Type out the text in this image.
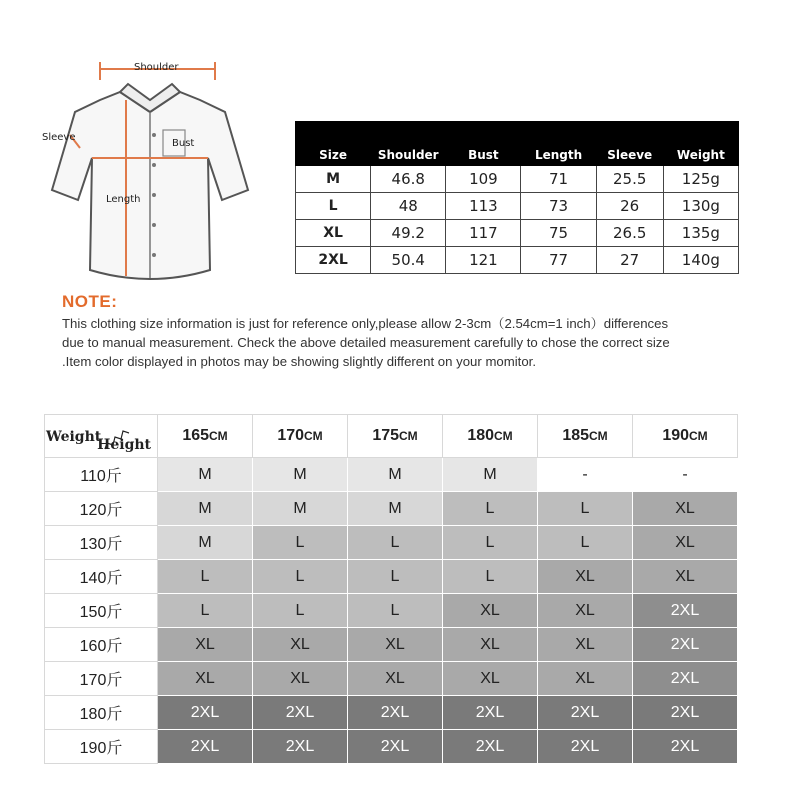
Shoulder
Sleeve
Bust
Length
Size	Shoulder	Bust	Length	Sleeve	Weight
M	46.8	109	71	25.5	125g
L	48	113	73	26	130g
XL	49.2	117	75	26.5	135g
2XL	50.4	121	77	27	140g
NOTE:
This clothing size information is just for reference only,please allow 2-3cm（2.54cm=1 inch）differences
due to manual measurement. Check the above detailed measurement carefully to chose the correct size
.Item color displayed in photos may be showing slightly different on your momitor.
Weight
Height	165CM	170CM	175CM	180CM	185CM	190CM
110斤	M	M	M	M	-	-
120斤	M	M	M	L	L	XL
130斤	M	L	L	L	L	XL
140斤	L	L	L	L	XL	XL
150斤	L	L	L	XL	XL	2XL
160斤	XL	XL	XL	XL	XL	2XL
170斤	XL	XL	XL	XL	XL	2XL
180斤	2XL	2XL	2XL	2XL	2XL	2XL
190斤	2XL	2XL	2XL	2XL	2XL	2XL
